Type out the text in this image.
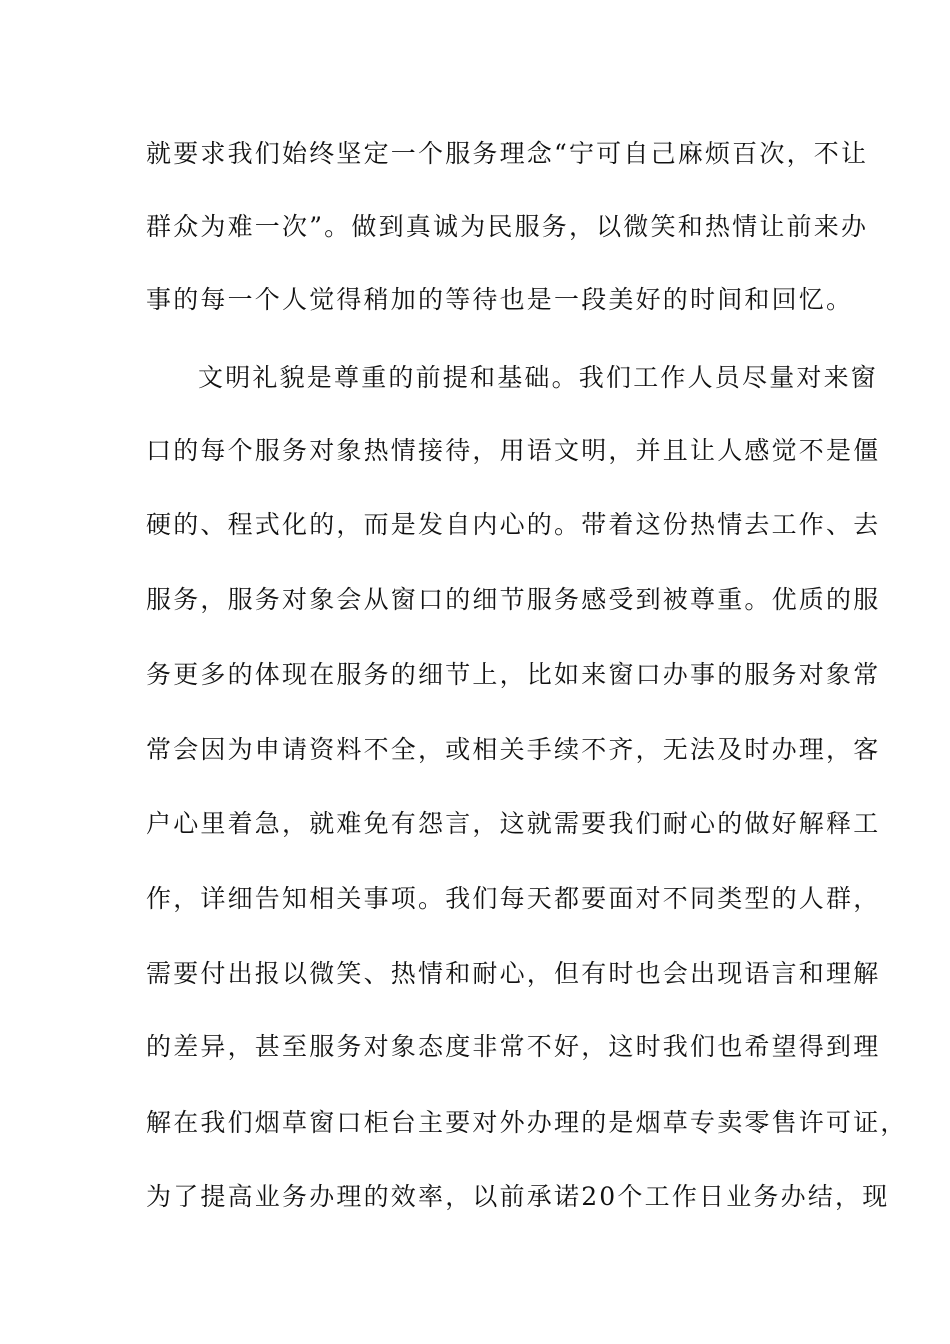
就要求我们始终坚定一个服务理念“宁可自己麻烦百次，不让
群众为难一次”。做到真诚为民服务，以微笑和热情让前来办
事的每一个人觉得稍加的等待也是一段美好的时间和回忆。
文明礼貌是尊重的前提和基础。我们工作人员尽量对来窗
口的每个服务对象热情接待，用语文明，并且让人感觉不是僵
硬的、程式化的，而是发自内心的。带着这份热情去工作、去
服务，服务对象会从窗口的细节服务感受到被尊重。优质的服
务更多的体现在服务的细节上，比如来窗口办事的服务对象常
常会因为申请资料不全，或相关手续不齐，无法及时办理，客
户心里着急，就难免有怨言，这就需要我们耐心的做好解释工
作，详细告知相关事项。我们每天都要面对不同类型的人群，
需要付出报以微笑、热情和耐心，但有时也会出现语言和理解
的差异，甚至服务对象态度非常不好，这时我们也希望得到理
解在我们烟草窗口柜台主要对外办理的是烟草专卖零售许可证，
为了提高业务办理的效率，以前承诺20个工作日业务办结，现
